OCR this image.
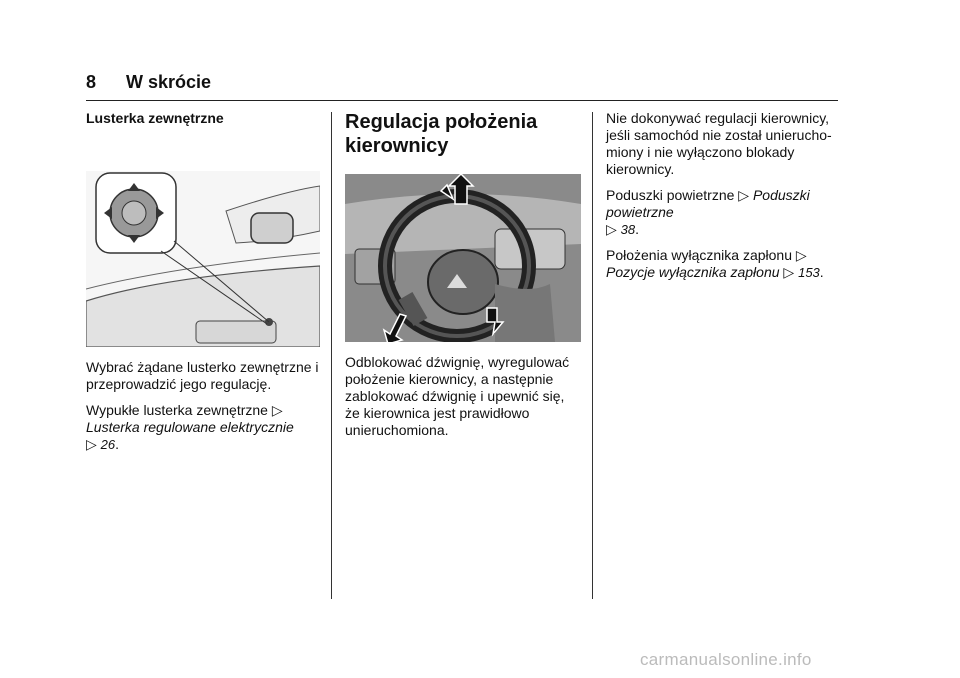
8 W skrócie
Lusterka zewnętrzne

Wybrać żądane lusterko zewnętrzne i przeprowadzić jego regulację.

Wypukłe lusterka zewnętrzne ▷
Lusterka regulowane elektrycznie
▷ 26.

Regulacja położenia kierownicy

Odblokować dźwignię, wyregulować położenie kierownicy, a następnie zablokować dźwignię i upewnić się, że kierownica jest prawidłowo unieruchomiona.

Nie dokonywać regulacji kierownicy, jeśli samochód nie został unieruchomiony i nie wyłączono blokady kierownicy.

Poduszki powietrzne ▷ Poduszki powietrzne
▷ 38.

Położenia wyłącznika zapłonu ▷
Pozycje wyłącznika zapłonu ▷ 153.

carmanualsonline.info
